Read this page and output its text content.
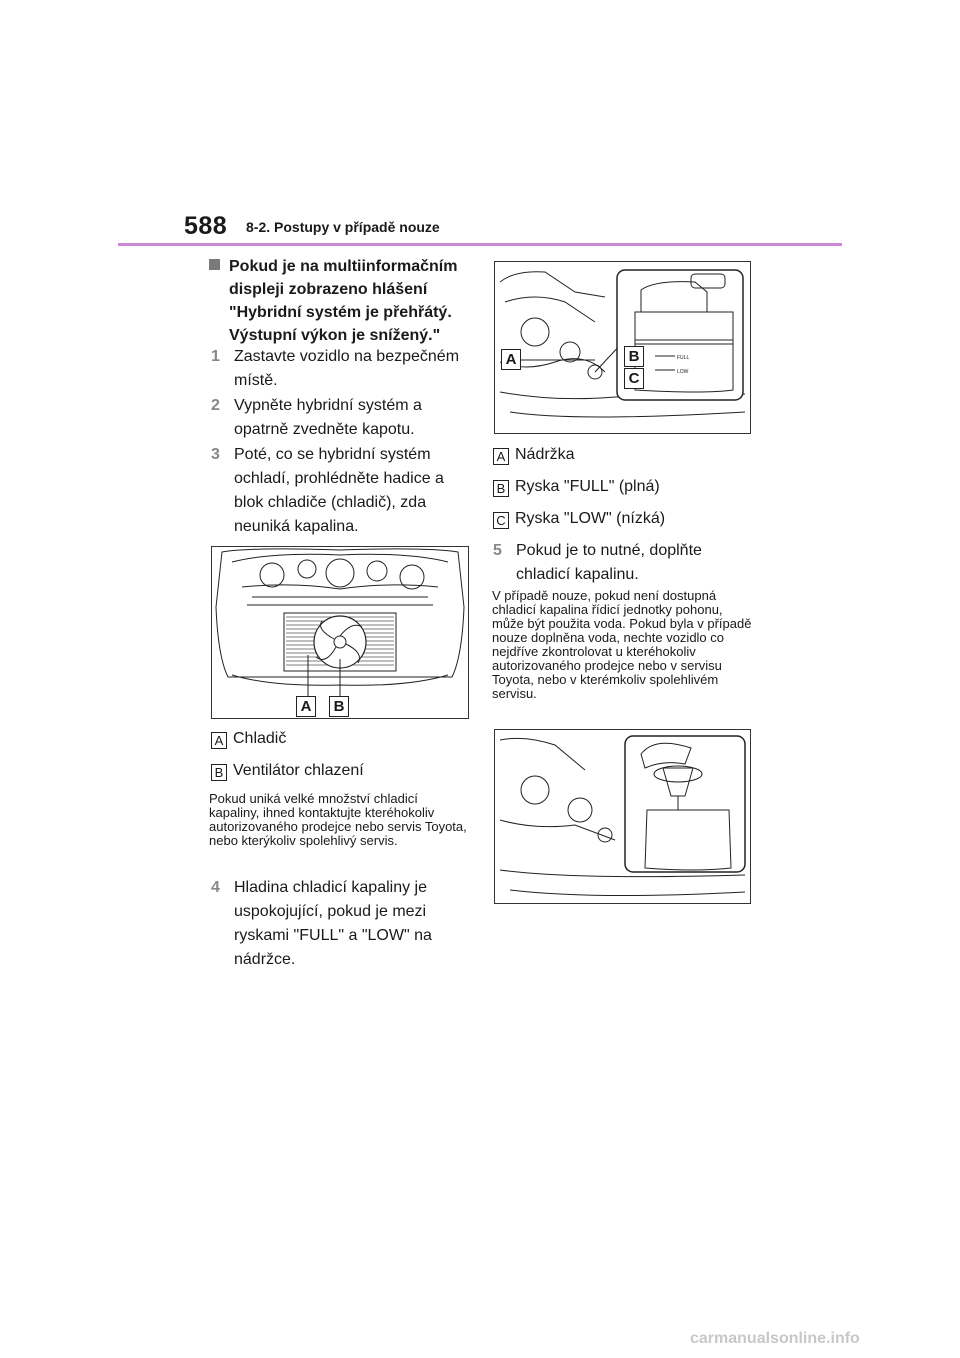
588 8-2. Postupy v případě nouze
Pokud je na multiinformačním displeji zobrazeno hlášení "Hybridní systém je přehřátý. Výstupní výkon je snížený."
1 Zastavte vozidlo na bezpečném místě.
2 Vypněte hybridní systém a opatrně zvedněte kapotu.
3 Poté, co se hybridní systém ochladí, prohlédněte hadice a blok chladiče (chladič), zda neuniká kapalina.
A	B
A Chladič
B Ventilátor chlazení
Pokud uniká velké množství chladicí kapaliny, ihned kontaktujte kteréhokoliv autorizovaného prodejce nebo servis Toyota, nebo kterýkoliv spolehlivý servis.
4 Hladina chladicí kapaliny je uspokojující, pokud je mezi ryskami "FULL" a "LOW" na nádržce.
FULL
LOW
A	B
C
A Nádržka
B Ryska "FULL" (plná)
C Ryska "LOW" (nízká)
5 Pokud je to nutné, doplňte chladicí kapalinu.
V případě nouze, pokud není dostupná chladicí kapalina řídicí jednotky pohonu, může být použita voda. Pokud byla v případě nouze doplněna voda, nechte vozidlo co nejdříve zkontrolovat u kteréhokoliv autorizovaného prodejce nebo v servisu Toyota, nebo v kterémkoliv spolehlivém servisu.
carmanualsonline.info
